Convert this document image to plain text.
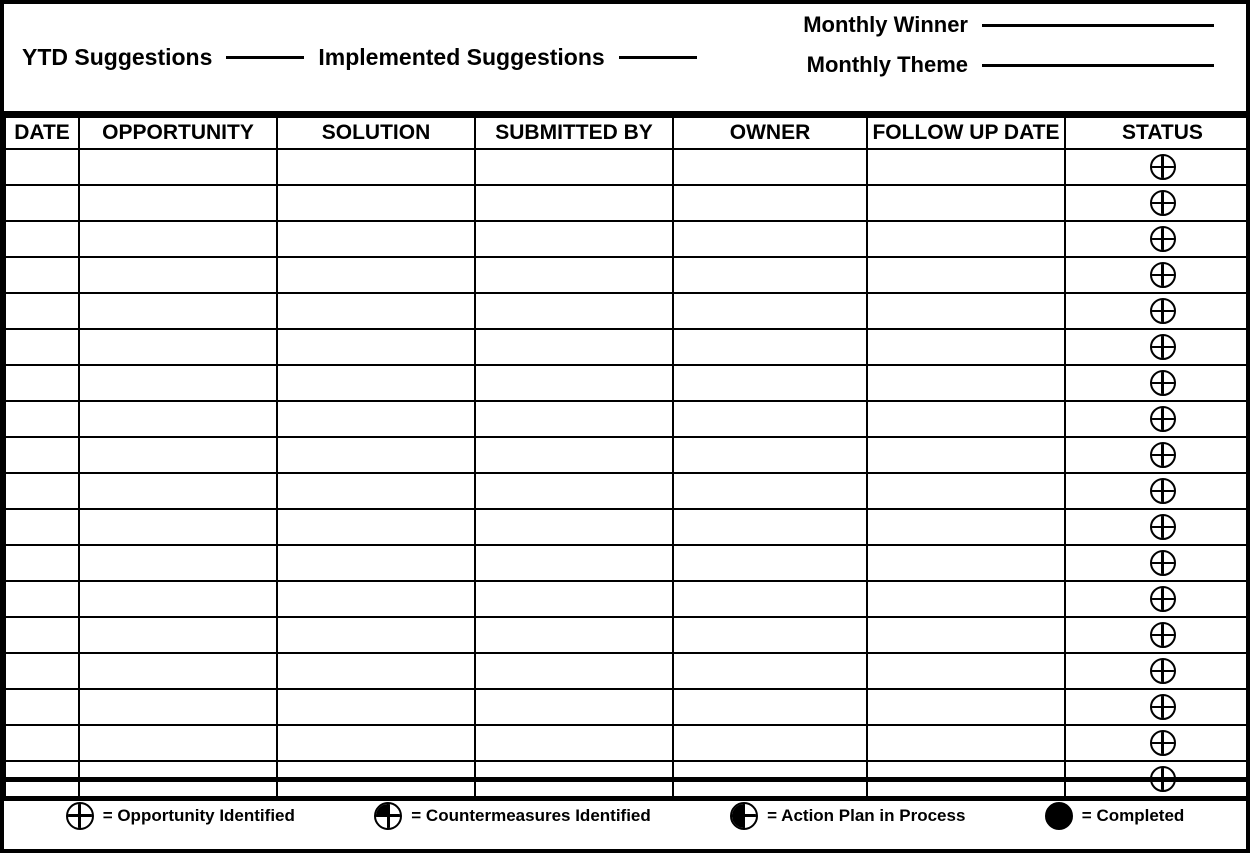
YTD Suggestions	Implemented Suggestions
Monthly Winner
Monthly Theme
DATE	OPPORTUNITY	SOLUTION	SUBMITTED BY	OWNER	FOLLOW UP DATE	STATUS

= Opportunity Identified	= Countermeasures Identified	= Action Plan in Process	= Completed
